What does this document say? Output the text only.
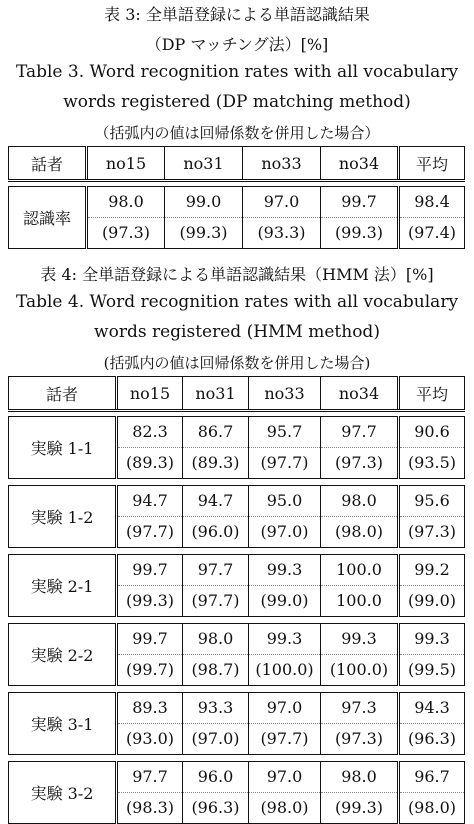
表 3: 全単語登録による単語認識結果
（DP マッチング法）[%]
Table 3. Word recognition rates with all vocabulary
words registered (DP matching method)
（括弧内の値は回帰係数を併用した場合）
話者	no15	no31	no33	no34	平均

認識率	98.0	99.0	97.0	99.7	98.4
	(97.3)	(99.3)	(93.3)	(99.3)	(97.4)
表 4: 全単語登録による単語認識結果（HMM 法）[%]
Table 4. Word recognition rates with all vocabulary
words registered (HMM method)
(括弧内の値は回帰係数を併用した場合)
話者	no15	no31	no33	no34	平均

実験 1-1	82.3	86.7	95.7	97.7	90.6
	(89.3)	(89.3)	(97.7)	(97.3)	(93.5)

実験 1-2	94.7	94.7	95.0	98.0	95.6
	(97.7)	(96.0)	(97.0)	(98.0)	(97.3)

実験 2-1	99.7	97.7	99.3	100.0	99.2
	(99.3)	(97.7)	(99.0)	100.0	(99.0)

実験 2-2	99.7	98.0	99.3	99.3	99.3
	(99.7)	(98.7)	(100.0)	(100.0)	(99.5)

実験 3-1	89.3	93.3	97.0	97.3	94.3
	(93.0)	(97.0)	(97.7)	(97.3)	(96.3)

実験 3-2	97.7	96.0	97.0	98.0	96.7
	(98.3)	(96.3)	(98.0)	(99.3)	(98.0)
